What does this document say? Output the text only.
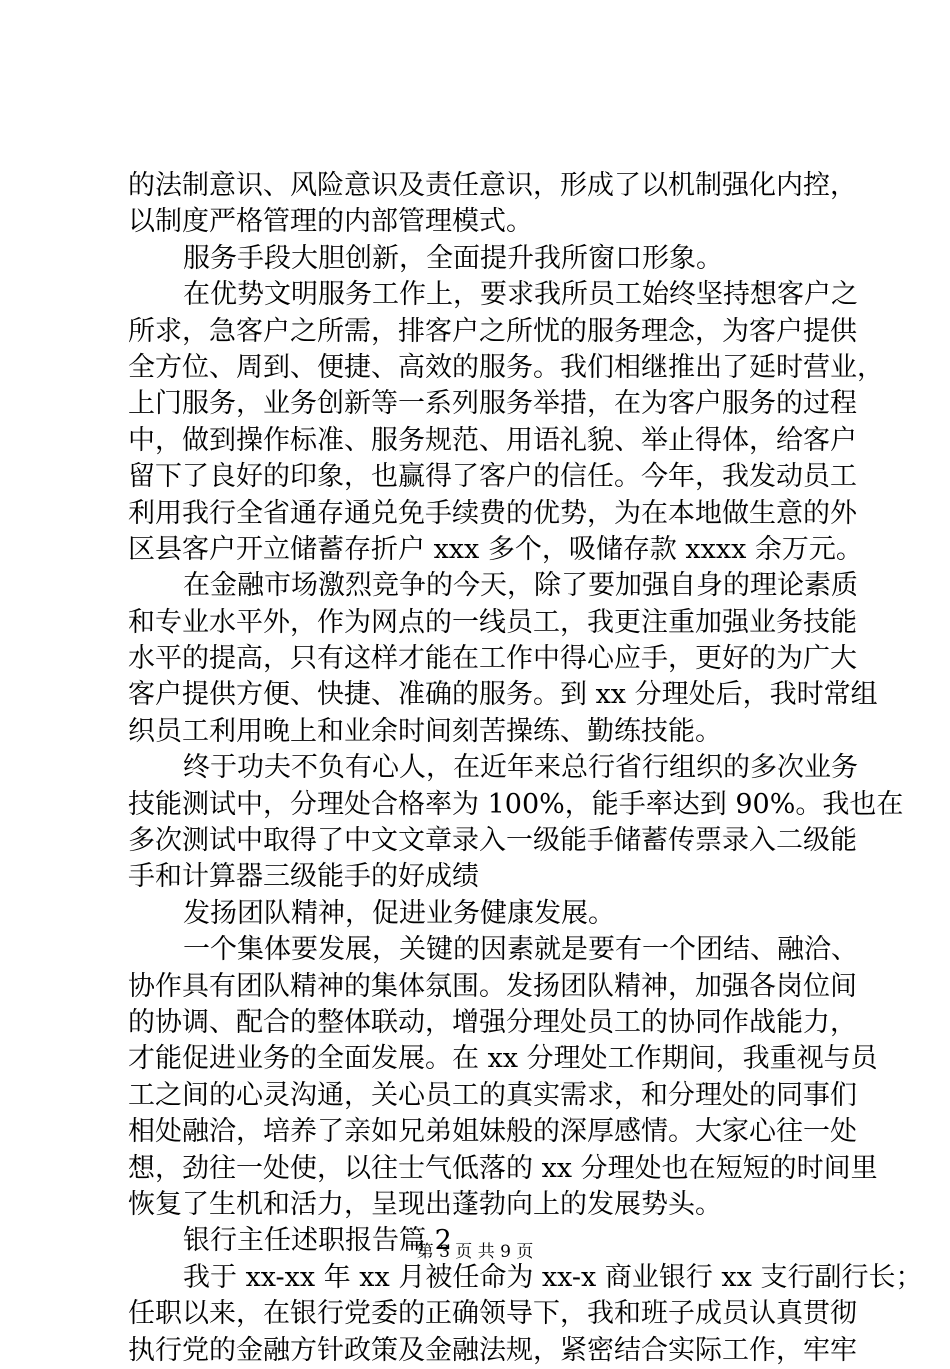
的法制意识、风险意识及责任意识，形成了以机制强化内控，
以制度严格管理的内部管理模式。
服务手段大胆创新，全面提升我所窗口形象。
在优势文明服务工作上，要求我所员工始终坚持想客户之
所求，急客户之所需，排客户之所忧的服务理念，为客户提供
全方位、周到、便捷、高效的服务。我们相继推出了延时营业，
上门服务，业务创新等一系列服务举措，在为客户服务的过程
中，做到操作标准、服务规范、用语礼貌、举止得体，给客户
留下了良好的印象，也赢得了客户的信任。今年，我发动员工
利用我行全省通存通兑免手续费的优势，为在本地做生意的外
区县客户开立储蓄存折户 xxx 多个，吸储存款 xxxx 余万元。
在金融市场激烈竞争的今天，除了要加强自身的理论素质
和专业水平外，作为网点的一线员工，我更注重加强业务技能
水平的提高，只有这样才能在工作中得心应手，更好的为广大
客户提供方便、快捷、准确的服务。到 xx 分理处后，我时常组
织员工利用晚上和业余时间刻苦操练、勤练技能。
终于功夫不负有心人，在近年来总行省行组织的多次业务
技能测试中，分理处合格率为 100%，能手率达到 90%。我也在
多次测试中取得了中文文章录入一级能手储蓄传票录入二级能
手和计算器三级能手的好成绩
发扬团队精神，促进业务健康发展。
一个集体要发展，关键的因素就是要有一个团结、融洽、
协作具有团队精神的集体氛围。发扬团队精神，加强各岗位间
的协调、配合的整体联动，增强分理处员工的协同作战能力，
才能促进业务的全面发展。在 xx 分理处工作期间，我重视与员
工之间的心灵沟通，关心员工的真实需求，和分理处的同事们
相处融洽，培养了亲如兄弟姐妹般的深厚感情。大家心往一处
想，劲往一处使，以往士气低落的 xx 分理处也在短短的时间里
恢复了生机和活力，呈现出蓬勃向上的发展势头。
银行主任述职报告篇 2
我于 xx-xx 年 xx 月被任命为 xx-x 商业银行 xx 支行副行长；
任职以来，在银行党委的正确领导下，我和班子成员认真贯彻
执行党的金融方针政策及金融法规，紧密结合实际工作，牢牢
第 3 页 共 9 页
